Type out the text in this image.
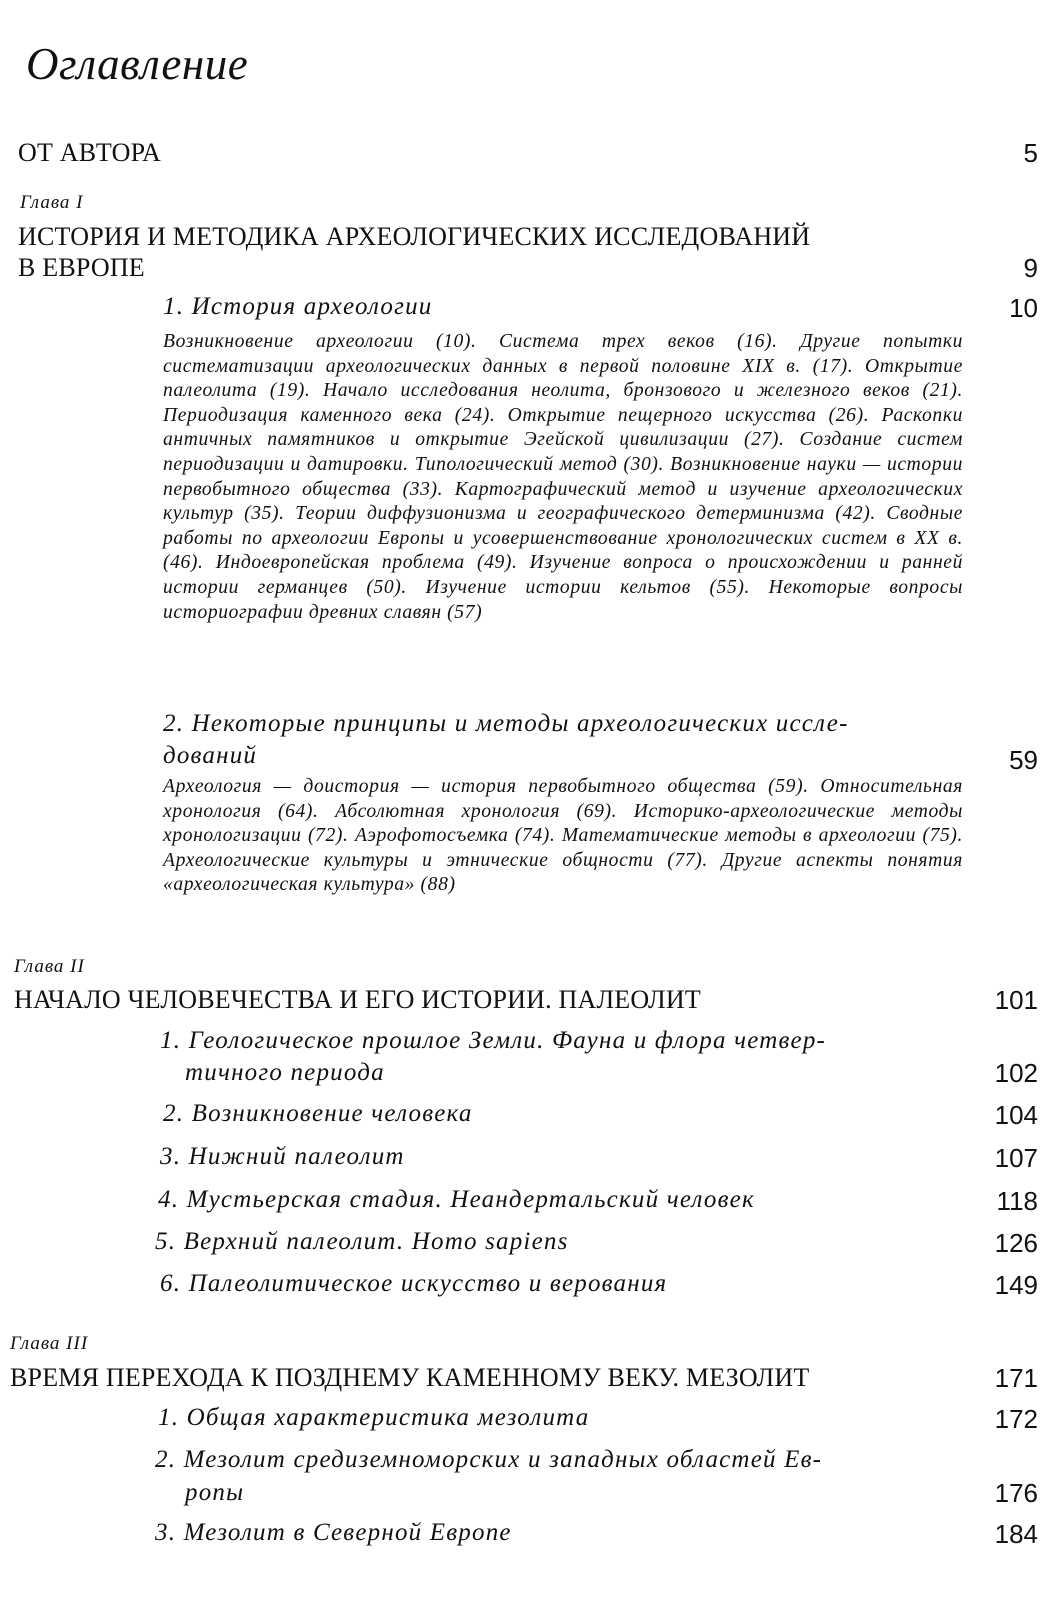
Оглавление
ОТ АВТОРА	5
Глава I
ИСТОРИЯ И МЕТОДИКА АРХЕОЛОГИЧЕСКИХ ИССЛЕДОВАНИЙ
В ЕВРОПЕ	9
1. История археологии	10
Возникновение археологии (10). Система трех веков (16). Другие попытки систематизации археологических данных в первой половине XIX в. (17). Открытие палеолита (19). Начало исследования неолита, бронзового и железного веков (21). Периодизация каменного века (24). Открытие пещерного искусства (26). Раскопки античных памятников и открытие Эгейской цивилизации (27). Создание систем периодизации и датировки. Типологический метод (30). Возникновение науки — истории первобытного общества (33). Картографический метод и изучение археологических культур (35). Теории диффузионизма и географического детерминизма (42). Сводные работы по археологии Европы и усовершенствование хронологических систем в XX в. (46). Индоевропейская проблема (49). Изучение вопроса о происхождении и ранней истории германцев (50). Изучение истории кельтов (55). Некоторые вопросы историографии древних славян (57)
2. Некоторые принципы и методы археологических иссле-
дований	59
Археология — доистория — история первобытного общества (59). Относительная хронология (64). Абсолютная хронология (69). Историко-археологические методы хронологизации (72). Аэрофотосъемка (74). Математические методы в археологии (75). Археологические культуры и этнические общности (77). Другие аспекты понятия «археологическая культура» (88)
Глава II
НАЧАЛО ЧЕЛОВЕЧЕСТВА И ЕГО ИСТОРИИ. ПАЛЕОЛИТ	101
1. Геологическое прошлое Земли. Фауна и флора четвер-
тичного периода	102
2. Возникновение человека	104
3. Нижний палеолит	107
4. Мустьерская стадия. Неандертальский человек	118
5. Верхний палеолит. Homo sapiens	126
6. Палеолитическое искусство и верования	149
Глава III
ВРЕМЯ ПЕРЕХОДА К ПОЗДНЕМУ КАМЕННОМУ ВЕКУ. МЕЗОЛИТ	171
1. Общая характеристика мезолита	172
2. Мезолит средиземноморских и западных областей Ев-
ропы	176
3. Мезолит в Северной Европе	184
